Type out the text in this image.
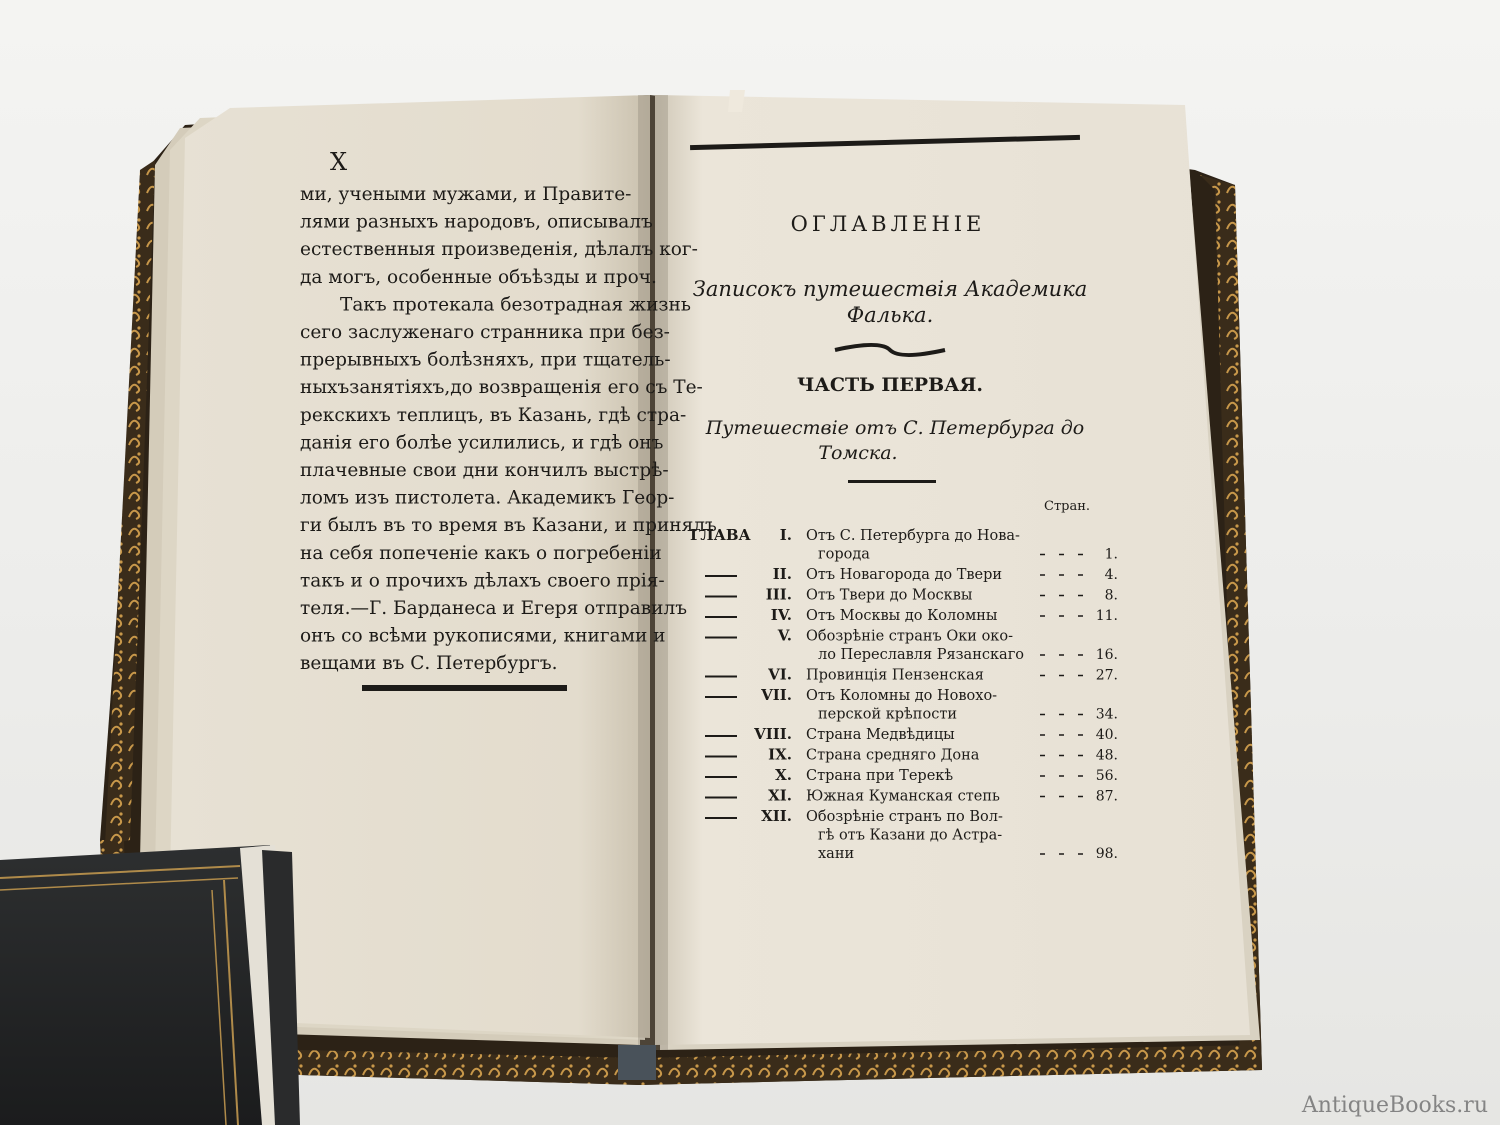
X
ми, учеными мужами, и Правите-
лями разныхъ народовъ, описывалъ
естественныя произведенія, дѣлалъ ког-
да могъ, особенные объѣзды и проч.
Такъ протекала безотрадная жизнь
сего заслуженаго странника при без-
прерывныхъ болѣзняхъ, при тщатель-
ныхъзанятіяхъ,до возвращенія его съ Те-
рекскихъ теплицъ, въ Казань, гдѣ стра-
данія его болѣе усилились, и гдѣ онъ
плачевные свои дни кончилъ выстрѣ-
ломъ изъ пистолета. Академикъ Геор-
ги былъ въ то время въ Казани, и принялъ
на себя попеченіе какъ о погребеніи
такъ и о прочихъ дѣлахъ своего прія-
теля.—Г. Барданеса и Егеря отправилъ
онъ со всѣми рукописями, книгами и
вещами въ С. Петербургъ.
ОГЛАВЛЕНІЕ
Записокъ путешествія Академика
Фалька.
ЧАСТЬ ПЕРВАЯ.
Путешествіе отъ С. Петербурга до
Томска.
Стран.
ГЛАВА I. Отъ С. Петербурга до Нова-
города	1.
II. Отъ Новагорода до Твери	4.
III. Отъ Твери до Москвы	8.
IV. Отъ Москвы до Коломны	11.
V. Обозрѣніе странъ Оки око-
ло Переславля Рязанскаго	16.
VI. Провинція Пензенская	27.
VII. Отъ Коломны до Новохо-
перской крѣпости	34.
VIII. Страна Медвѣдицы	40.
IX. Страна средняго Дона	48.
X. Страна при Терекѣ	56.
XI. Южная Куманская степь	87.
XII. Обозрѣніе странъ по Вол-
гѣ отъ Казани до Астра-
хани	98.
AntiqueBooks.ru
